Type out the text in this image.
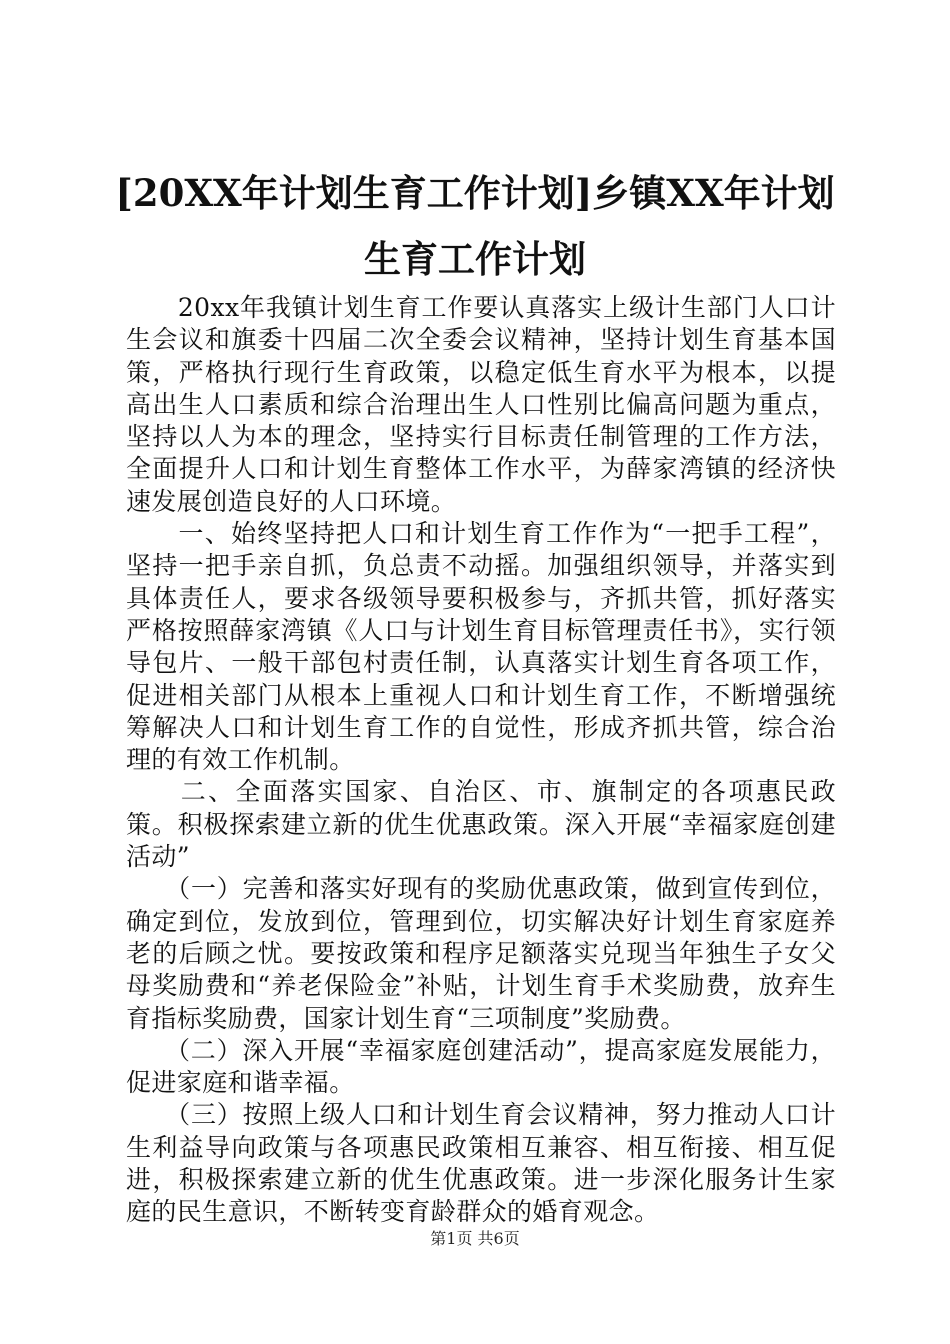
[20XX年计划生育工作计划]乡镇XX年计划生育工作计划

　　20xx年我镇计划生育工作要认真落实上级计生部门人口计生会议和旗委十四届二次全委会议精神，坚持计划生育基本国策，严格执行现行生育政策，以稳定低生育水平为根本，以提高出生人口素质和综合治理出生人口性别比偏高问题为重点，坚持以人为本的理念，坚持实行目标责任制管理的工作方法，全面提升人口和计划生育整体工作水平，为薛家湾镇的经济快速发展创造良好的人口环境。

　　一、始终坚持把人口和计划生育工作作为“一把手工程”，坚持一把手亲自抓，负总责不动摇。加强组织领导，并落实到具体责任人，要求各级领导要积极参与，齐抓共管，抓好落实严格按照薛家湾镇《人口与计划生育目标管理责任书》，实行领导包片、一般干部包村责任制，认真落实计划生育各项工作，促进相关部门从根本上重视人口和计划生育工作，不断增强统筹解决人口和计划生育工作的自觉性，形成齐抓共管，综合治理的有效工作机制。

　　二、全面落实国家、自治区、市、旗制定的各项惠民政策。积极探索建立新的优生优惠政策。深入开展“幸福家庭创建活动”

　　（一）完善和落实好现有的奖励优惠政策，做到宣传到位，确定到位，发放到位，管理到位，切实解决好计划生育家庭养老的后顾之忧。要按政策和程序足额落实兑现当年独生子女父母奖励费和“养老保险金”补贴，计划生育手术奖励费，放弃生育指标奖励费，国家计划生育“三项制度”奖励费。

　　（二）深入开展“幸福家庭创建活动”，提高家庭发展能力，促进家庭和谐幸福。

　　（三）按照上级人口和计划生育会议精神，努力推动人口计生利益导向政策与各项惠民政策相互兼容、相互衔接、相互促进，积极探索建立新的优生优惠政策。进一步深化服务计生家庭的民生意识，不断转变育龄群众的婚育观念。

第1页 共6页
